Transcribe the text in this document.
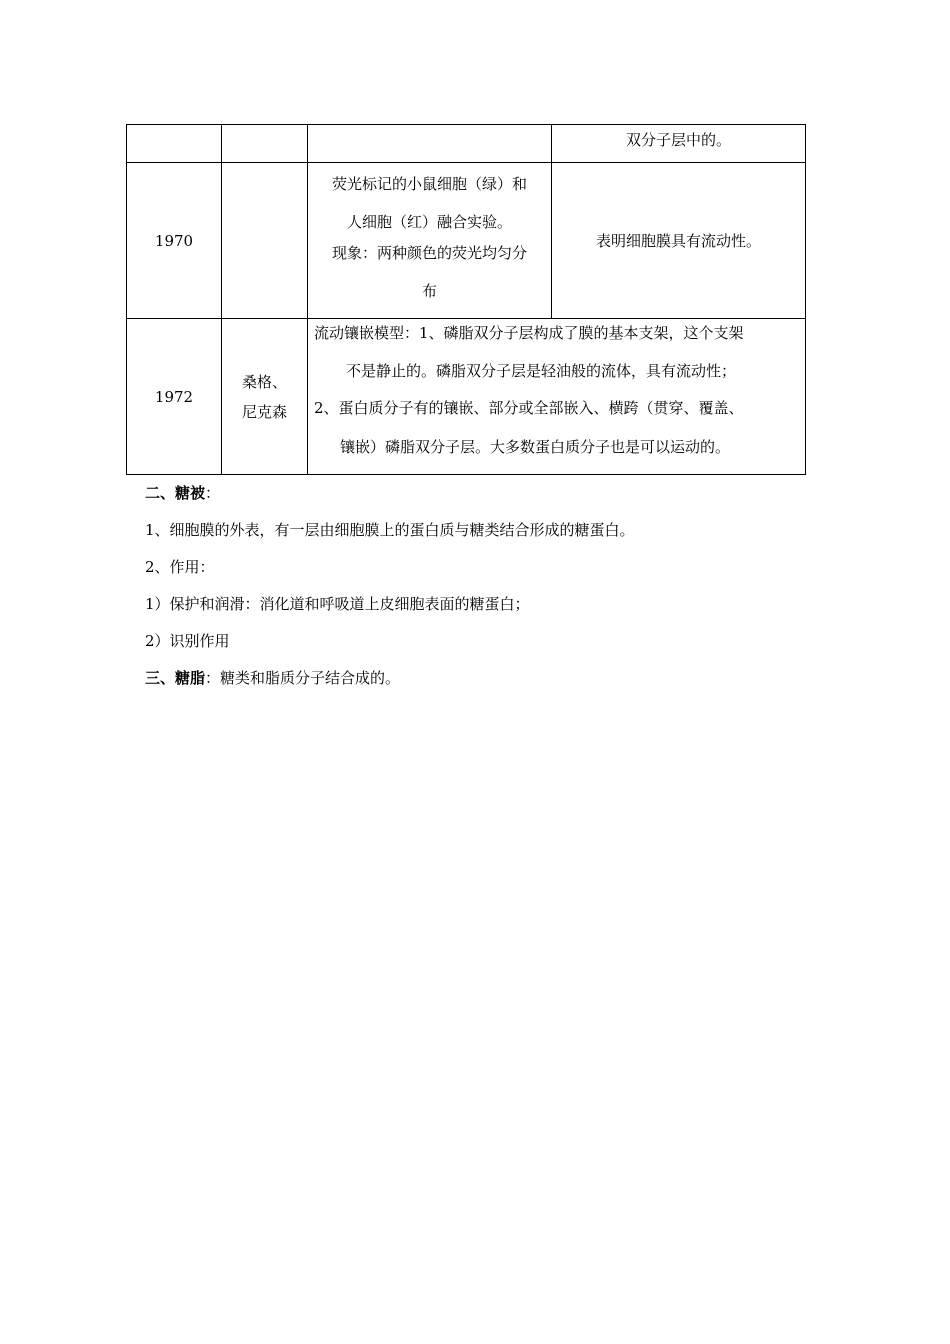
			双分子层中的。
1970		荧光标记的小鼠细胞（绿）和
人细胞（红）融合实验。
现象：两种颜色的荧光均匀分
布	表明细胞膜具有流动性。
1972	桑格、
尼克森	流动镶嵌模型：1、磷脂双分子层构成了膜的基本支架，这个支架
不是静止的。磷脂双分子层是轻油般的流体，具有流动性；
2、蛋白质分子有的镶嵌、部分或全部嵌入、横跨（贯穿、覆盖、
镶嵌）磷脂双分子层。大多数蛋白质分子也是可以运动的。	
二、糖被：
1、细胞膜的外表，有一层由细胞膜上的蛋白质与糖类结合形成的糖蛋白。
2、作用：
1）保护和润滑：消化道和呼吸道上皮细胞表面的糖蛋白；
2）识别作用
三、糖脂：糖类和脂质分子结合成的。
